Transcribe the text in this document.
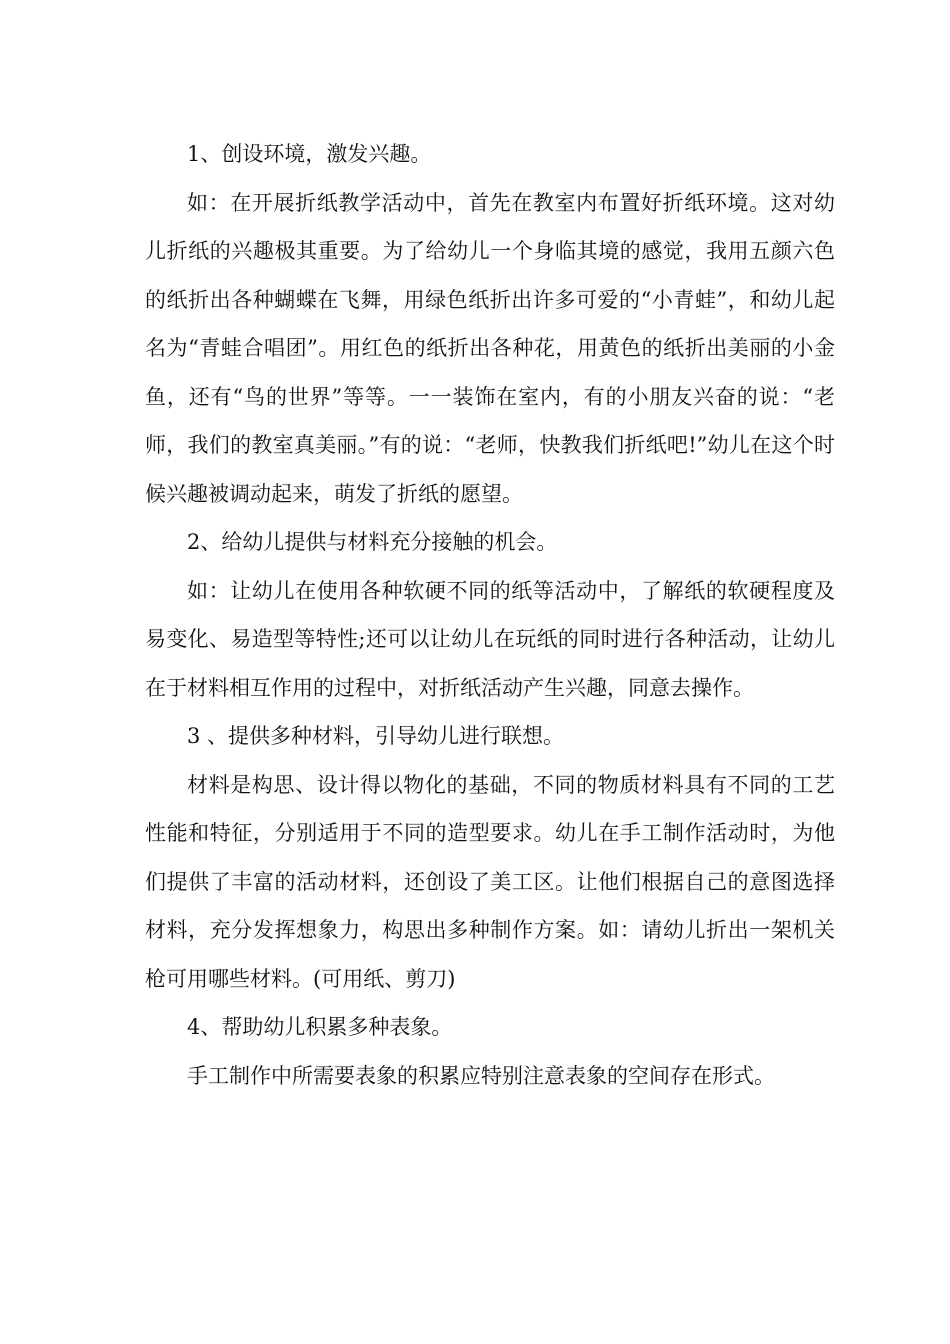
1、创设环境，激发兴趣。

如：在开展折纸教学活动中，首先在教室内布置好折纸环境。这对幼儿折纸的兴趣极其重要。为了给幼儿一个身临其境的感觉，我用五颜六色的纸折出各种蝴蝶在飞舞，用绿色纸折出许多可爱的“小青蛙”，和幼儿起名为“青蛙合唱团”。用红色的纸折出各种花，用黄色的纸折出美丽的小金鱼，还有“鸟的世界”等等。一一装饰在室内，有的小朋友兴奋的说：“老师，我们的教室真美丽。”有的说：“老师，快教我们折纸吧!”幼儿在这个时候兴趣被调动起来，萌发了折纸的愿望。

2、给幼儿提供与材料充分接触的机会。

如：让幼儿在使用各种软硬不同的纸等活动中，了解纸的软硬程度及易变化、易造型等特性;还可以让幼儿在玩纸的同时进行各种活动，让幼儿在于材料相互作用的过程中，对折纸活动产生兴趣，同意去操作。

3 、提供多种材料，引导幼儿进行联想。

材料是构思、设计得以物化的基础，不同的物质材料具有不同的工艺性能和特征，分别适用于不同的造型要求。幼儿在手工制作活动时，为他们提供了丰富的活动材料，还创设了美工区。让他们根据自己的意图选择材料，充分发挥想象力，构思出多种制作方案。如：请幼儿折出一架机关枪可用哪些材料。(可用纸、剪刀)

4、帮助幼儿积累多种表象。

手工制作中所需要表象的积累应特别注意表象的空间存在形式。
